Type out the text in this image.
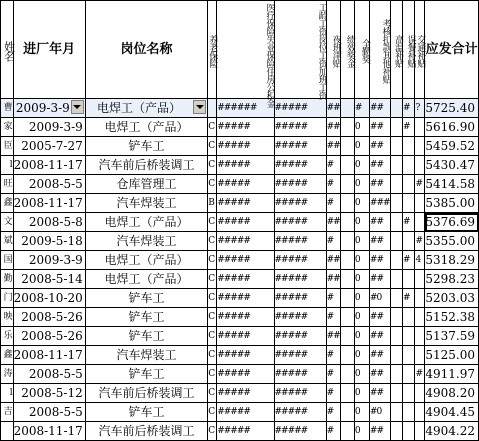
姓名	进厂年月	岗位名称	养老保险	医疗保险失业保险住房公积金	工龄工资岗位工资加班工资	夜班津贴	绩效奖金	全勤奖	考核扣款其他补贴	高温补贴	误餐补贴	交通补贴	应发合计
曹	2009-3-9	电焊工（产品）		######	#####	##		#	##		#	?	5725.40
家	2009-3-9	电焊工（产品）	C	#####	#####	##		0	##		#		5616.90
臣	2005-7-27	铲车工	C	#####	#####	##		0	##				5459.52
l	2008-11-17	汽车前后桥装调工	C	#####	#####	#		0	##				5430.47
旺	2008-5-5	仓库管理工	C	#####	#####	#		0	##			#	5414.58
鑫	2008-11-17	汽车焊装工	B	#####	#####	#		0	###				5385.00
文	2008-5-8	电焊工（产品）	C	#####	#####	##		0	##		#		5376.69
斌	2009-5-18	汽车焊装工	C	#####	#####	#		0	##			#	5355.00
国	2009-3-9	电焊工（产品）	C	#####	#####	##		0	##		#	4	5318.29
勤	2008-5-14	电焊工（产品）	C	#####	#####	##		0	##				5298.23
门	2008-10-20	铲车工	C	#####	#####	#		0	#0		#		5203.03
映	2008-5-26	铲车工	C	#####	#####	#		0	##				5152.38
乐	2008-5-26	铲车工	C	#####	#####	##		0	##				5137.59
鑫	2008-11-17	汽车焊装工	C	#####	#####	#		0	##				5125.00
涛	2008-5-5	铲车工	C	#####	#####	#		0	##			#	4911.97
l	2008-5-12	汽车前后桥装调工	C	#####	#####	#		0	##				4908.20
吉	2008-5-5	铲车工	C	#####	#####	#		0	#0				4904.45
	2008-11-17	汽车前后桥装调工	C	#####	#####	#		0	##				4904.22
